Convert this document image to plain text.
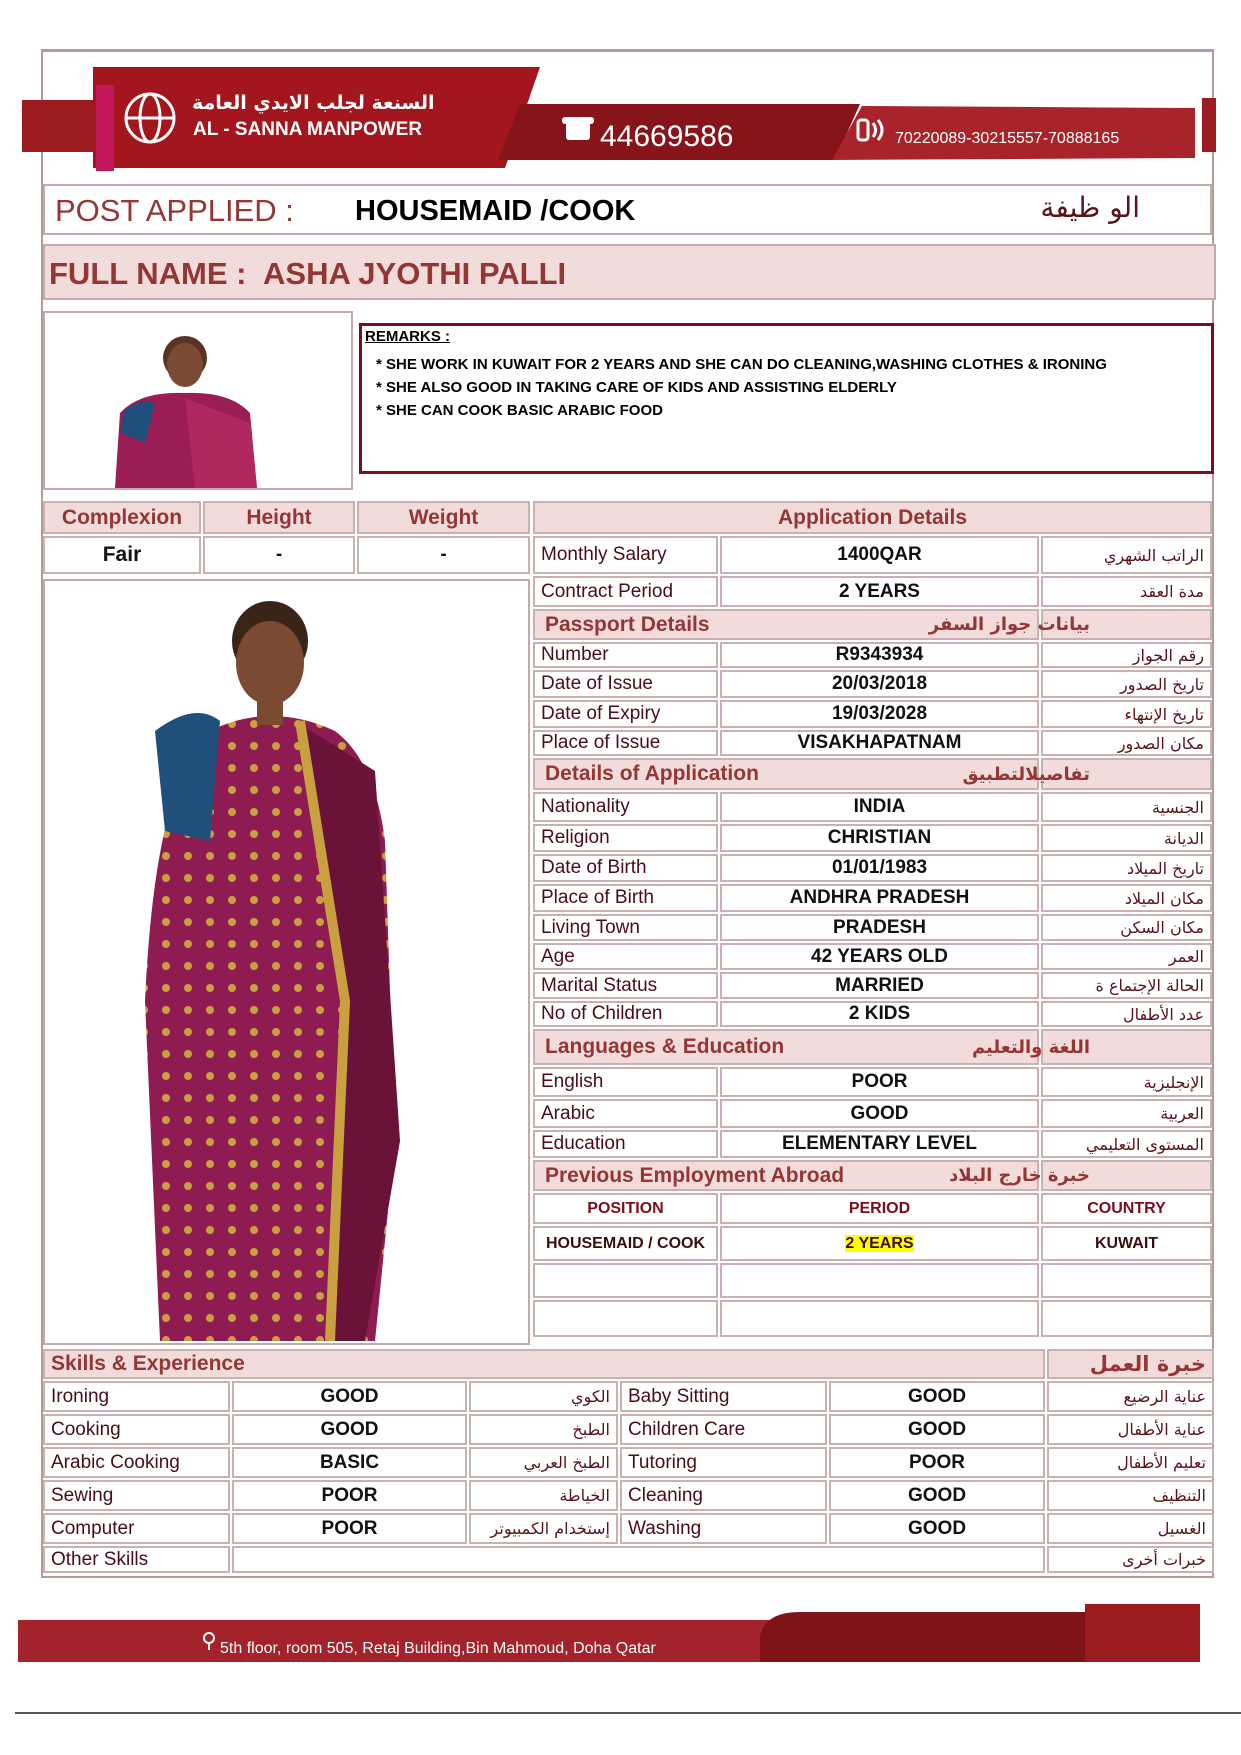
السنعة لجلب الايدي العامة
AL - SANNA MANPOWER	44669586	70220089-30215557-70888165
POST APPLIED : HOUSEMAID /COOK	الو ظيفة
FULL NAME : ASHA JYOTHI PALLI
REMARKS :
* SHE WORK IN KUWAIT FOR 2 YEARS AND SHE CAN DO CLEANING,WASHING CLOTHES & IRONING
* SHE ALSO GOOD IN TAKING CARE OF KIDS AND ASSISTING ELDERLY
* SHE CAN COOK BASIC ARABIC FOOD
Complexion	Height	Weight
Fair	-	-
Application Details		
Monthly Salary	1400QAR	الراتب الشهري
Contract Period	2 YEARS	مدة العقد
Passport Details		بيانات جواز السفر
Number	R9343934	رقم الجواز
Date of Issue	20/03/2018	تاريخ الصدور
Date of Expiry	19/03/2028	تاريخ الإنتهاء
Place of Issue	VISAKHAPATNAM	مكان الصدور
Details of Application		تفاصيلالتطبيق
Nationality	INDIA	الجنسية
Religion	CHRISTIAN	الديانة
Date of Birth	01/01/1983	تاريخ الميلاد
Place of Birth	ANDHRA PRADESH	مكان الميلاد
Living Town	PRADESH	مكان السكن
Age	42 YEARS OLD	العمر
Marital Status	MARRIED	الحالة الإجتماع ة
No of Children	2 KIDS	عدد الأطفال
Languages & Education		اللغة والتعليم
English	POOR	الإنجليزية
Arabic	GOOD	العربية
Education	ELEMENTARY LEVEL	المستوى التعليمي
Previous Employment Abroad		خبرة خارج البلاد
POSITION	PERIOD	COUNTRY
HOUSEMAID / COOK	2 YEARS	KUWAIT

Skills & Experience					خبرة العمل
Ironing	GOOD	الكوي	Baby Sitting	GOOD	عناية الرضيع
Cooking	GOOD	الطبخ	Children Care	GOOD	عناية الأطفال
Arabic Cooking	BASIC	الطبخ العربي	Tutoring	POOR	تعليم الأطفال
Sewing	POOR	الخياطة	Cleaning	GOOD	التنظيف
Computer	POOR	إستخدام الكمبيوتر	Washing	GOOD	الغسيل
Other Skills					خبرات أخرى
5th floor, room 505, Retaj Building,Bin Mahmoud, Doha Qatar
